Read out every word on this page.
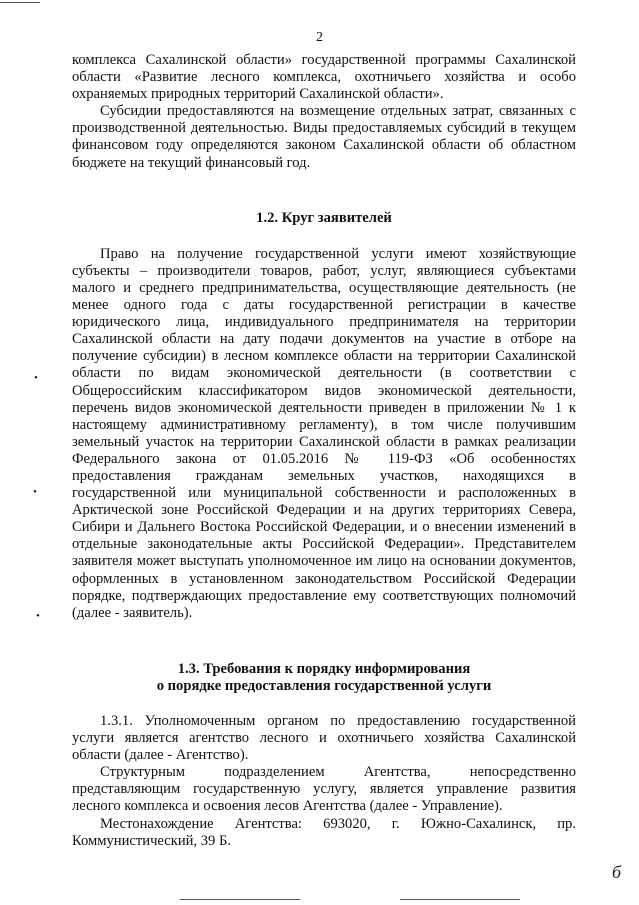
2

комплекса Сахалинской области» государственной программы Сахалинской области «Развитие лесного комплекса, охотничьего хозяйства и особо охраняемых природных территорий Сахалинской области».

Субсидии предоставляются на возмещение отдельных затрат, связанных с производственной деятельностью. Виды предоставляемых субсидий в текущем финансовом году определяются законом Сахалинской области об областном бюджете на текущий финансовый год.

1.2. Круг заявителей

Право на получение государственной услуги имеют хозяйствующие субъекты – производители товаров, работ, услуг, являющиеся субъектами малого и среднего предпринимательства, осуществляющие деятельность (не менее одного года с даты государственной регистрации в качестве юридического лица, индивидуального предпринимателя на территории Сахалинской области на дату подачи документов на участие в отборе на получение субсидии) в лесном комплексе области на территории Сахалинской области по видам экономической деятельности (в соответствии с Общероссийским классификатором видов экономической деятельности, перечень видов экономической деятельности приведен в приложении № 1 к настоящему административному регламенту), в том числе получившим земельный участок на территории Сахалинской области в рамках реализации Федерального закона от 01.05.2016 № 119-ФЗ «Об особенностях предоставления гражданам земельных участков, находящихся в государственной или муниципальной собственности и расположенных в Арктической зоне Российской Федерации и на других территориях Севера, Сибири и Дальнего Востока Российской Федерации, и о внесении изменений в отдельные законодательные акты Российской Федерации». Представителем заявителя может выступать уполномоченное им лицо на основании документов, оформленных в установленном законодательством Российской Федерации порядке, подтверждающих предоставление ему соответствующих полномочий (далее - заявитель).

1.3. Требования к порядку информирования
о порядке предоставления государственной услуги

1.3.1. Уполномоченным органом по предоставлению государственной услуги является агентство лесного и охотничьего хозяйства Сахалинской области (далее - Агентство).

Структурным подразделением Агентства, непосредственно представляющим государственную услугу, является управление развития лесного комплекса и освоения лесов Агентства (далее - Управление).

Местонахождение Агентства: 693020, г. Южно-Сахалинск, пр. Коммунистический, 39 Б.

•
•
•
б
